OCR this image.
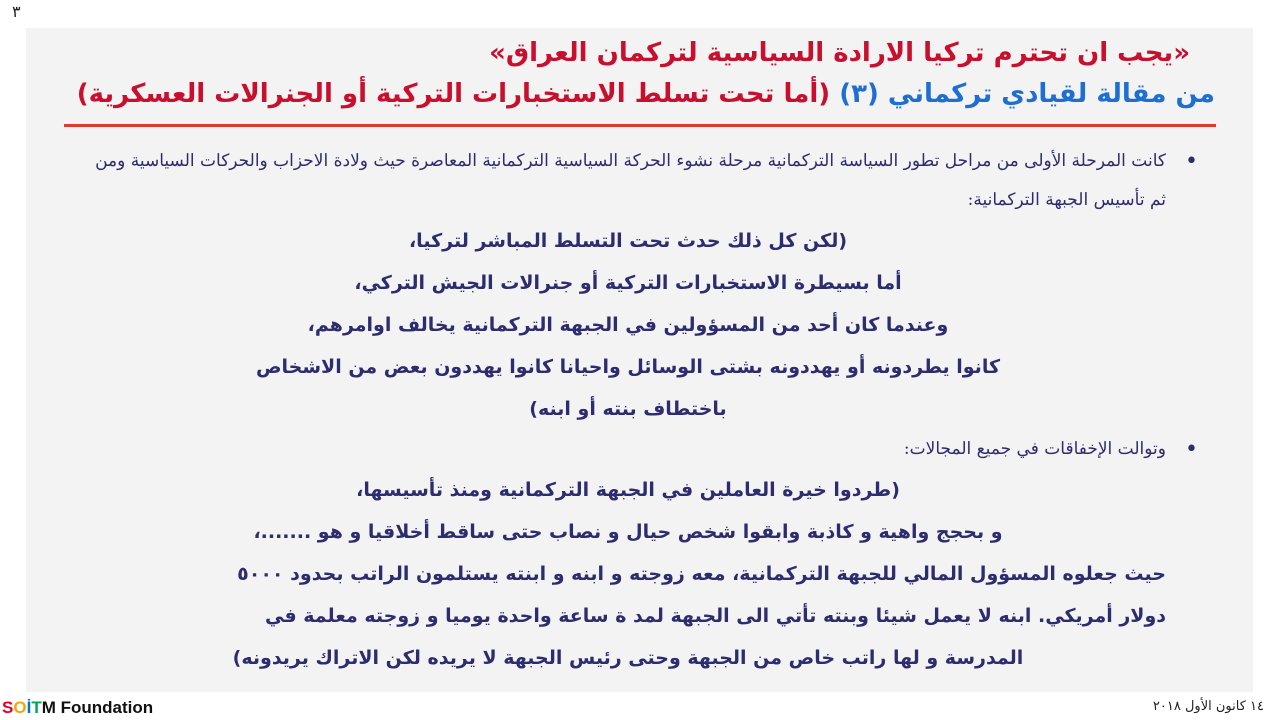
٣
«يجب ان تحترم تركيا الارادة السياسية لتركمان العراق»
من مقالة لقيادي تركماني (٣) (أما تحت تسلط الاستخبارات التركية أو الجنرالات العسكرية)
•

كانت المرحلة الأولى من مراحل تطور السياسة التركمانية مرحلة نشوء الحركة السياسية التركمانية المعاصرة حيث ولادة الاحزاب والحركات السياسية ومن ثم تأسيس الجبهة التركمانية:

(لكن كل ذلك حدث تحت التسلط المباشر لتركيا،

أما بسيطرة الاستخبارات التركية أو جنرالات الجيش التركي،

وعندما كان أحد من المسؤولين في الجبهة التركمانية يخالف اوامرهم،

كانوا يطردونه أو يهددونه بشتى الوسائل واحيانا كانوا يهددون بعض من الاشخاص

باختطاف بنته أو ابنه)

•

وتوالت الإخفاقات في جميع المجالات:

(طردوا خيرة العاملين في الجبهة التركمانية ومنذ تأسيسها،

و بحجج واهية و كاذبة وابقوا شخص حيال و نصاب حتى ساقط أخلاقيا و هو .......،

حيث جعلوه المسؤول المالي للجبهة التركمانية، معه زوجته و ابنه و ابنته يستلمون الراتب بحدود ٥٠٠٠

دولار أمريكي. ابنه لا يعمل شيئا وبنته تأتي الى الجبهة لمد ة ساعة واحدة يوميا و زوجته معلمة في

المدرسة و لها راتب خاص من الجبهة وحتى رئيس الجبهة لا يريده لكن الاتراك يريدونه)

SOİTM Foundation	١٤ كانون الأول ٢٠١٨
